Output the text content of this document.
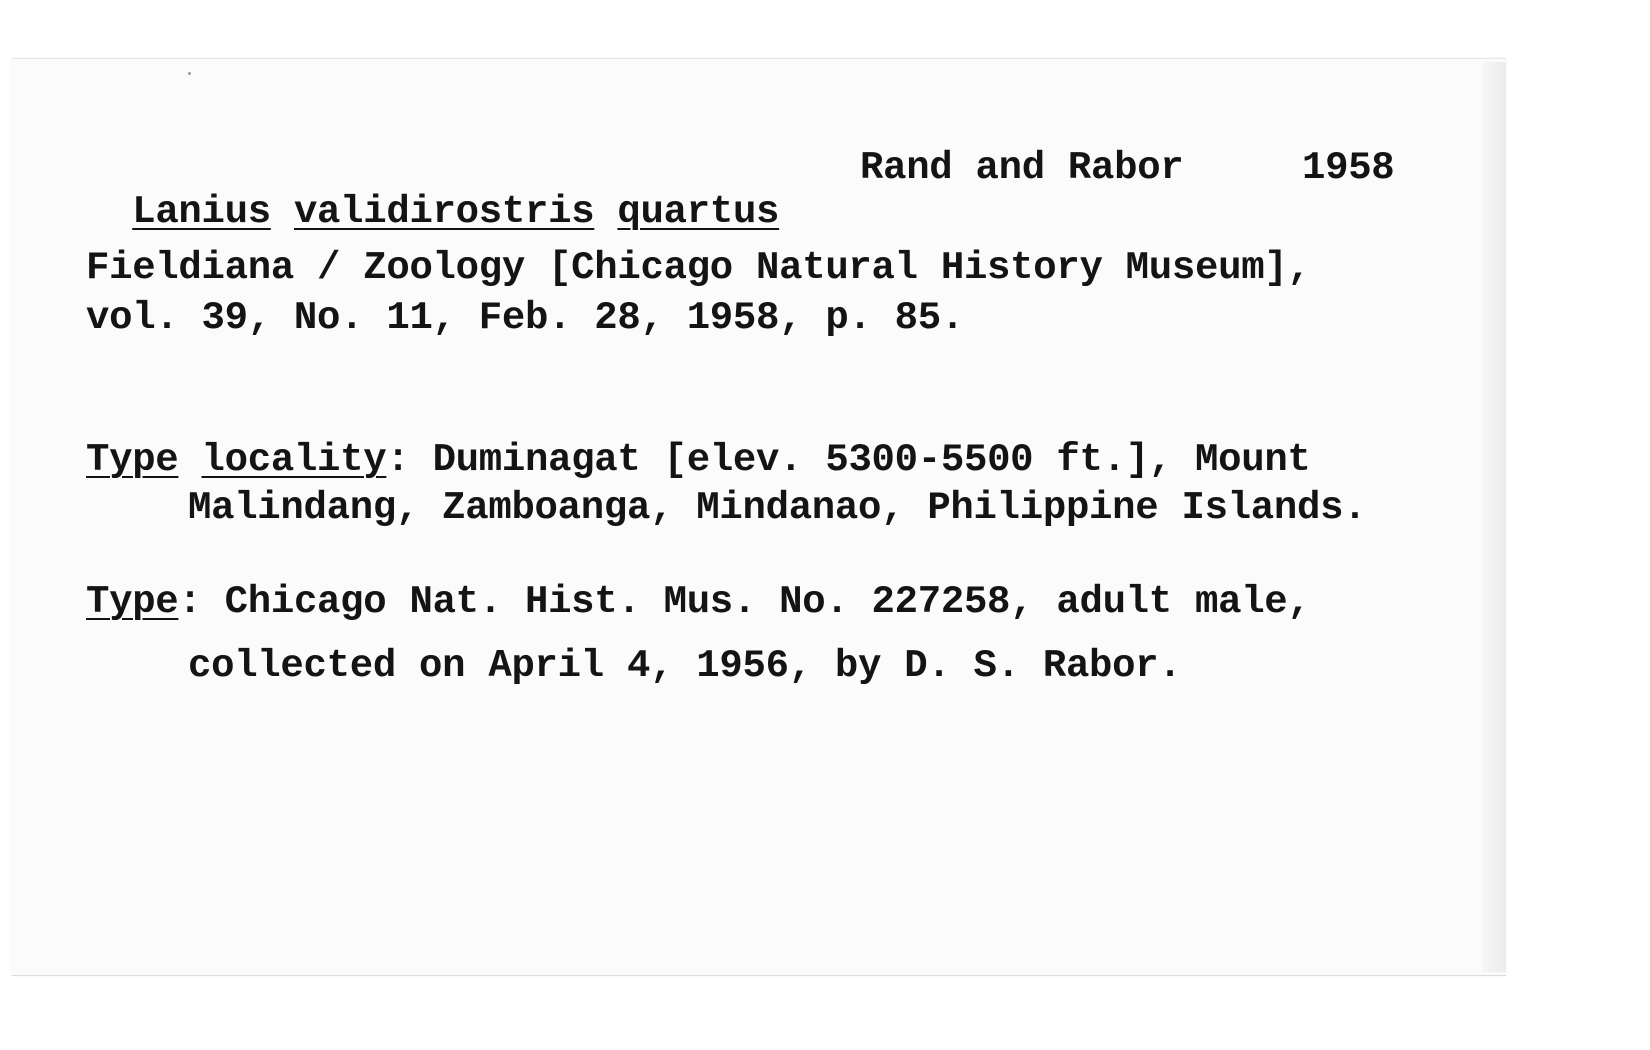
Lanius validirostris quartus

Rand and Rabor	1958
Fieldiana / Zoology [Chicago Natural History Museum],
vol. 39, No. 11, Feb. 28, 1958, p. 85.
Type locality: Duminagat [elev. 5300-5500 ft.], Mount
Malindang, Zamboanga, Mindanao, Philippine Islands.
Type: Chicago Nat. Hist. Mus. No. 227258, adult male,
collected on April 4, 1956, by D. S. Rabor.
